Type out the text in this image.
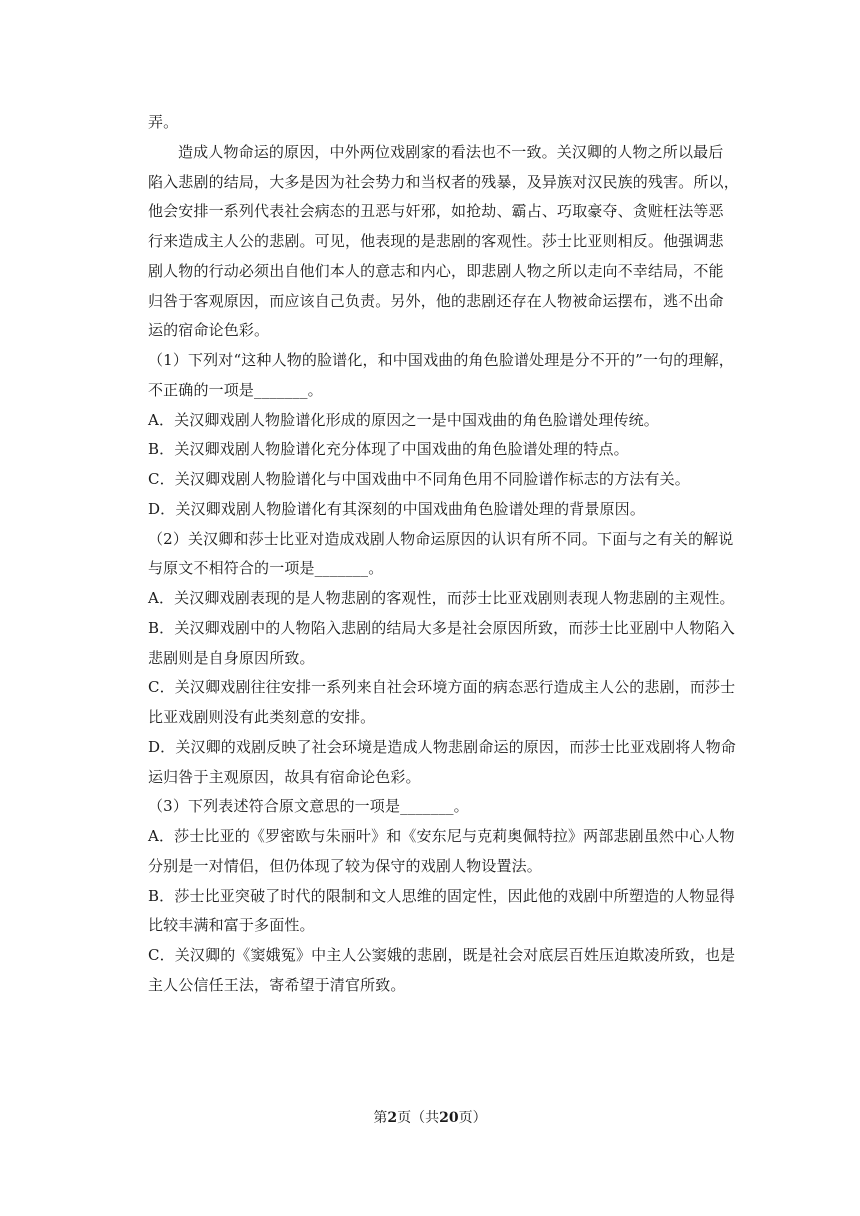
弄。
造成人物命运的原因，中外两位戏剧家的看法也不一致。关汉卿的人物之所以最后
陷入悲剧的结局，大多是因为社会势力和当权者的残暴，及异族对汉民族的残害。所以，
他会安排一系列代表社会病态的丑恶与奸邪，如抢劫、霸占、巧取豪夺、贪赃枉法等恶
行来造成主人公的悲剧。可见，他表现的是悲剧的客观性。莎士比亚则相反。他强调悲
剧人物的行动必须出自他们本人的意志和内心，即悲剧人物之所以走向不幸结局，不能
归咎于客观原因，而应该自己负责。另外，他的悲剧还存在人物被命运摆布，逃不出命
运的宿命论色彩。
（1）下列对“这种人物的脸谱化，和中国戏曲的角色脸谱处理是分不开的”一句的理解，
不正确的一项是_______。
A．关汉卿戏剧人物脸谱化形成的原因之一是中国戏曲的角色脸谱处理传统。
B．关汉卿戏剧人物脸谱化充分体现了中国戏曲的角色脸谱处理的特点。
C．关汉卿戏剧人物脸谱化与中国戏曲中不同角色用不同脸谱作标志的方法有关。
D．关汉卿戏剧人物脸谱化有其深刻的中国戏曲角色脸谱处理的背景原因。
（2）关汉卿和莎士比亚对造成戏剧人物命运原因的认识有所不同。下面与之有关的解说
与原文不相符合的一项是_______。
A．关汉卿戏剧表现的是人物悲剧的客观性，而莎士比亚戏剧则表现人物悲剧的主观性。
B．关汉卿戏剧中的人物陷入悲剧的结局大多是社会原因所致，而莎士比亚剧中人物陷入
悲剧则是自身原因所致。
C．关汉卿戏剧往往安排一系列来自社会环境方面的病态恶行造成主人公的悲剧，而莎士
比亚戏剧则没有此类刻意的安排。
D．关汉卿的戏剧反映了社会环境是造成人物悲剧命运的原因，而莎士比亚戏剧将人物命
运归咎于主观原因，故具有宿命论色彩。
（3）下列表述符合原文意思的一项是_______。
A．莎士比亚的《罗密欧与朱丽叶》和《安东尼与克莉奥佩特拉》两部悲剧虽然中心人物
分别是一对情侣，但仍体现了较为保守的戏剧人物设置法。
B．莎士比亚突破了时代的限制和文人思维的固定性，因此他的戏剧中所塑造的人物显得
比较丰满和富于多面性。
C．关汉卿的《窦娥冤》中主人公窦娥的悲剧，既是社会对底层百姓压迫欺凌所致，也是
主人公信任王法，寄希望于清官所致。
第2页（共20页）
